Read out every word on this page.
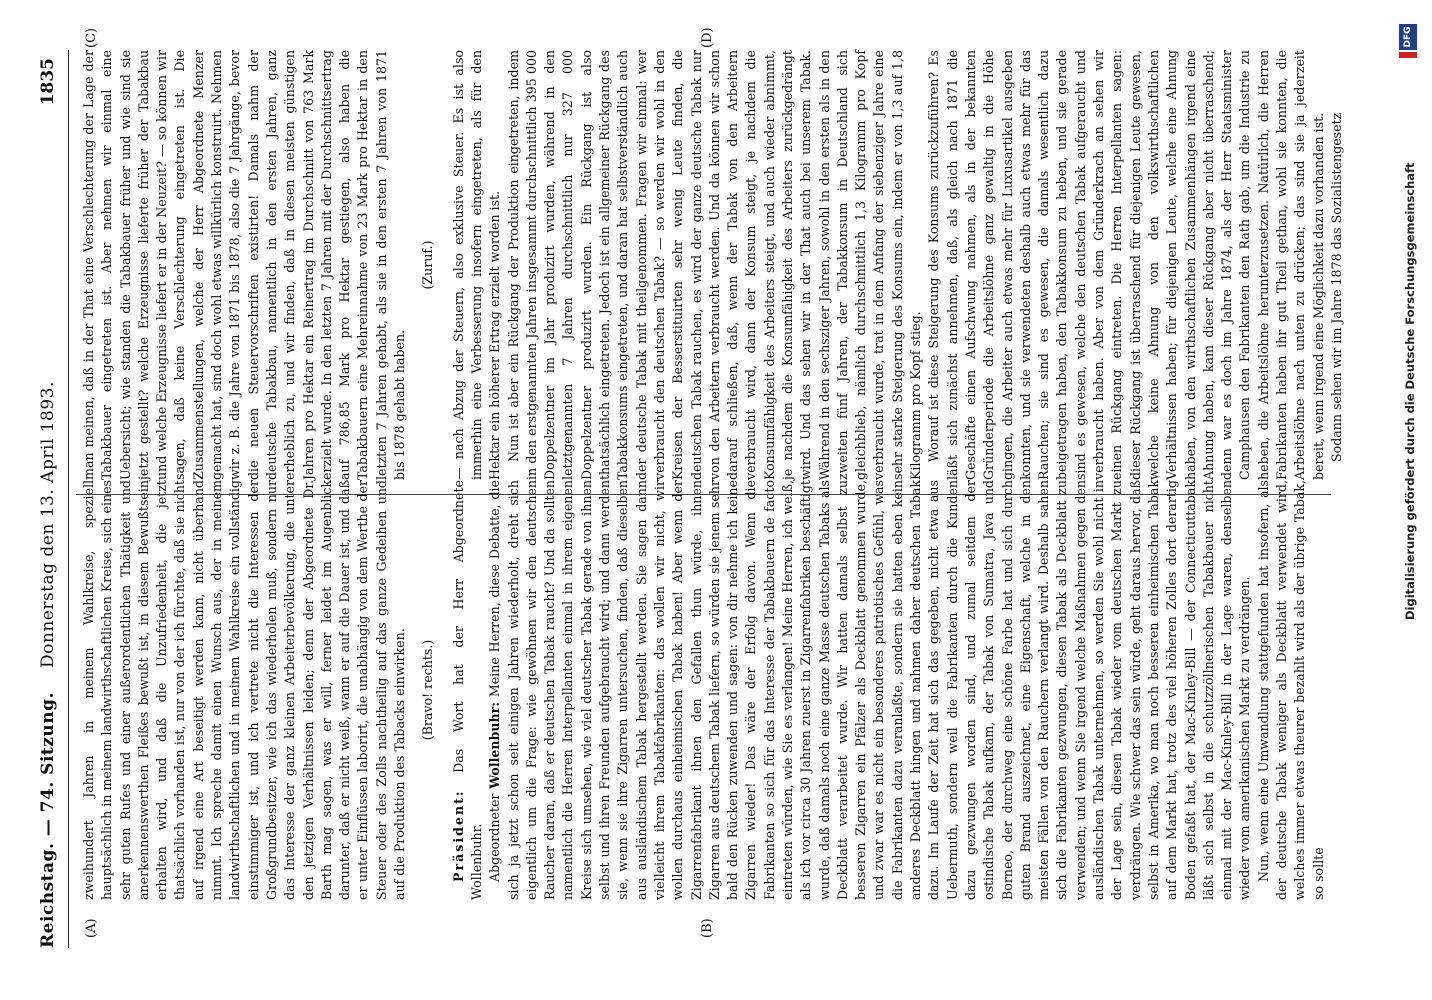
Reichstag. — 74. Sitzung.
Donnerstag den 13. April 1893.
1835
(A)	(B)
(C)	(D)

zweihundert Jahren in meinem Wahlkreise, speziell hauptsächlich in meinem landwirthschaftlichen Kreise, sich eines sehr guten Rufes und einer außerordentlichen Thätigkeit und anerkennenswerthen Fleißes bewußt ist, in diesem Bewußtsein erhalten wird, und daß die Unzufriedenheit, die jetzt thatsächlich vorhanden ist, nur von der ich fürchte, daß sie nicht auf irgend eine Art beseitigt werden kann, nicht überhand nimmt. Ich spreche damit einen Wunsch aus, der in meinem landwirthschaftlichen und in meinem Wahlkreise ein vollständig einstimmiger ist, und ich vertrete nicht die Interessen der Großgrundbesitzer, wie ich das wiederholen muß, sondern nur das Interesse der ganz kleinen Arbeiterbevölkerung, die unter den jetzigen Verhältnissen leiden; denn der Abgeordnete Dr. Barth mag sagen, was er will, ferner leidet im Augenblick darunter, daß er nicht weiß, wann er auf die Dauer ist, und daß er unter Einflüssen laborirt, die unabhängig von dem Werthe der Steuer oder des Zolls nachtheilig auf das ganze Gedeihen und auf die Produktion des Tabacks einwirken. (Bravo! rechts.)

Präsident: Das Wort hat der Herr Abgeordnete Wollenbuhr. Abgeordneter Wollenbuhr: Meine Herren, diese Debatte, die sich ja jetzt schon seit einigen Jahren wiederholt, dreht sich eigentlich um die Frage: wie gewöhnen wir den deutschen Raucher daran, daß er deutschen Tabak raucht? Und da sollten namentlich die Herren Interpellanten einmal in ihrem eigenen Kreise sich umsehen, wie viel deutscher Tabak gerade von ihnen selbst und ihren Freunden aufgebraucht wird; und dann werden sie, wenn sie ihre Zigarren untersuchen, finden, daß dieselben aus ausländischem Tabak hergestellt werden. Sie sagen dann vielleicht ihrem Tabakfabrikanten: das wollen wir nicht, wir wollen durchaus einheimischen Tabak haben! Aber wenn der Zigarrenfabrikant ihnen den Gefallen thun würde, ihnen Zigarren aus deutschem Tabak liefern, so würden sie jenem sehr bald den Rücken zuwenden und sagen: von dir nehme ich keine Zigarren wieder! Das wäre der Erfolg davon. Wenn die Fabrikanten so sich für das Interesse der Tabakbauern de facto eintreten würden, wie Sie es verlangen! Meine Herren, ich weiß, als ich vor circa 30 Jahren zuerst in Zigarrenfabriken beschäftigt wurde, daß damals noch eine ganze Masse deutschen Tabaks als Deckblatt verarbeitet wurde. Wir hatten damals selbst zu besseren Zigarren ein Pfälzer als Deckblatt genommen wurde, und zwar war es nicht ein besonderes patriotisches Gefühl, was die Fabrikanten dazu veranlaßte, sondern sie hatten eben kein anderes Deckblatt hingen und nahmen daher deutschen Tabak dazu. Im Laufe der Zeit hat sich das gegeben, nicht etwa aus Uebermuth, sondern weil die Fabrikanten durch die Kunden dazu gezwungen worden sind, und zumal seitdem der ostindische Tabak aufkam, der Tabak von Sumatra, Java und Borneo, der durchweg eine schöne Farbe hat und sich durch guten Brand auszeichnet, eine Eigenschaft, welche in den meisten Fällen von den Rauchern verlangt wird. Deshalb sahen sich die Fabrikanten gezwungen, diesen Tabak als Deckblatt zu verwenden; und wenn Sie irgend welche Maßnahmen gegen den ausländischen Tabak unternehmen, so werden Sie wohl nicht in der Lage sein, diesen Tabak wieder vom deutschen Markt zu verdrängen. Wie schwer das sein würde, geht daraus hervor, daß selbst in Amerika, wo man noch besseren einheimischen Tabak auf dem Markt hat, trotz des viel höheren Zolles dort derartig Boden gefaßt hat, der Mac-Kinley-Bill — der Connecticuttabak läßt sich selbst in die schutzzöllnerischen Tabakbauer nicht einmal mit der Mac-Kinley-Bill in der Lage waren, denselben wieder vom amerikanischen Markt zu verdrängen. Nun, wenn eine Umwandlung stattgefunden hat insofern, als der deutsche Tabak weniger als Deckblatt verwendet wird, welches immer etwas theurer bezahlt wird als der übrige Tabak, so sollte

man meinen, daß in der That eine Verschlechterung der Lage der Tabakbauer eingetreten ist. Aber nehmen wir einmal eine Uebersicht; wie standen die Tabakbauer früher und wie sind sie jetzt gestellt? welche Erzeugnisse lieferte früher der Tabakbau und welche Erzeugnisse liefert er in der Neuzeit? — so können wir sagen, daß keine Verschlechterung eingetreten ist. Die Zusammenstellungen, welche der Herr Abgeordnete Menzer gemacht hat, sind doch wohl etwas willkürlich konstruirt. Nehmen wir z. B. die Jahre von 1871 bis 1878, also die 7 Jahrgänge, bevor die neuen Steuervorschriften existirten! Damals nahm der deutsche Tabakbau, namentlich in den ersten Jahren, ganz erheblich zu, und wir finden, daß in diesen meisten günstigen Jahren pro Hektar ein Reinertrag im Durchschnitt von 763 Mark erzielt wurde. In den letzten 7 Jahren mit der Durchschnittsertrag auf 786,85 Mark pro Hektar gestiegen, also haben die Tabakbauern eine Mehreinnahme von 23 Mark pro Hektar in den letzten 7 Jahren gehabt, als sie in den ersten 7 Jahren von 1871 bis 1878 gehabt haben.

(Zuruf.) — nach Abzug der Steuern, also exklusive Steuer. Es ist also immerhin eine Verbesserung insofern eingetreten, als für den Hektar ein höherer Ertrag erzielt worden ist. Nun ist aber ein Rückgang der Produktion eingetreten, indem in den erstgenannten Jahren insgesammt durchschnittlich 395 000 Doppelzentner im Jahr produzirt wurden, während in den letztgenannten 7 Jahren durchschnittlich nur 327 000 Doppelzentner produzirt wurden. Ein Rückgang ist also thatsächlich eingetreten. Jedoch ist ein allgemeiner Rückgang des Tabakkonsums eingetreten, und daran hat selbstverständlich auch der deutsche Tabak mit theilgenommen. Fragen wir einmal: wer verbraucht den deutschen Tabak? — so werden wir wohl in den Kreisen der Besserstituirten sehr wenig Leute finden, die deutschen Tabak rauchen, es wird der ganze deutsche Tabak nur von den Arbeitern verbraucht werden. Und da können wir schon darauf schließen, daß, wenn der Tabak von den Arbeitern verbraucht wird, dann der Konsum steigt, je nachdem die Konsumfähigkeit des Arbeiters steigt, und auch wieder abnimmt, je nachdem die Konsumfähigkeit des Arbeiters zurückgedrängt wird. Und das sehen wir in der That auch bei unserem Tabak. Während in den sechsziger Jahren, sowohl in den ersten als in den zweiten fünf Jahren, der Tabakkonsum in Deutschland sich gleichblieb, nämlich durchschnittlich 1,3 Kilogramm pro Kopf verbraucht wurde, trat in dem Anfang der siebenziger Jahre eine sehr starke Steigerung des Konsums ein, indem er von 1,3 auf 1,8 Kilogramm pro Kopf stieg. Worauf ist diese Steigerung des Konsums zurückzuführen? Es läßt sich zunächst annehmen, daß, als gleich nach 1871 die Geschäfte einen Aufschwung nahmen, als in der bekannten Gründerperiode die Arbeitslöhne ganz gewaltig in die Höhe gingen, die Arbeiter auch etwas mehr für Luxusartikel ausgeben konnten, und sie verwendeten deshalb auch etwas mehr für das Rauchen; sie sind es gewesen, die damals wesentlich dazu beigetragen haben, den Tabakkonsum zu heben, und sie gerade sind es gewesen, welche den deutschen Tabak aufgeraucht und verbraucht haben. Aber von dem Gründerkrach an sehen wir einen Rückgang eintreten. Die Herren Interpellanten sagen: dieser Rückgang ist überraschend für diejenigen Leute gewesen, welche keine Ahnung von den volkswirthschaftlichen Verhältnissen haben; für diejenigen Leute, welche eine Ahnung haben, von den wirthschaftlichen Zusammenhängen irgend eine Ahnung haben, kam dieser Rückgang aber nicht überraschend; denn war es doch im Jahre 1874, als der Herr Staatsminister Camphausen den Fabrikanten den Rath gab, um die Industrie zu heben, die Arbeitslöhne herunterzusetzen. Natürlich, die Herren Fabrikanten haben ihr gut Theil gethan, wohl sie konnten, die Arbeitslöhne nach unten zu drücken; das sind sie ja jederzeit bereit, wenn irgend eine Möglichkeit dazu vorhanden ist. Sodann sehen wir im Jahre 1878 das Sozialistengesetz	Digitalisierung gefördert durch die Deutsche Forschungsgemeinschaft
DFG
